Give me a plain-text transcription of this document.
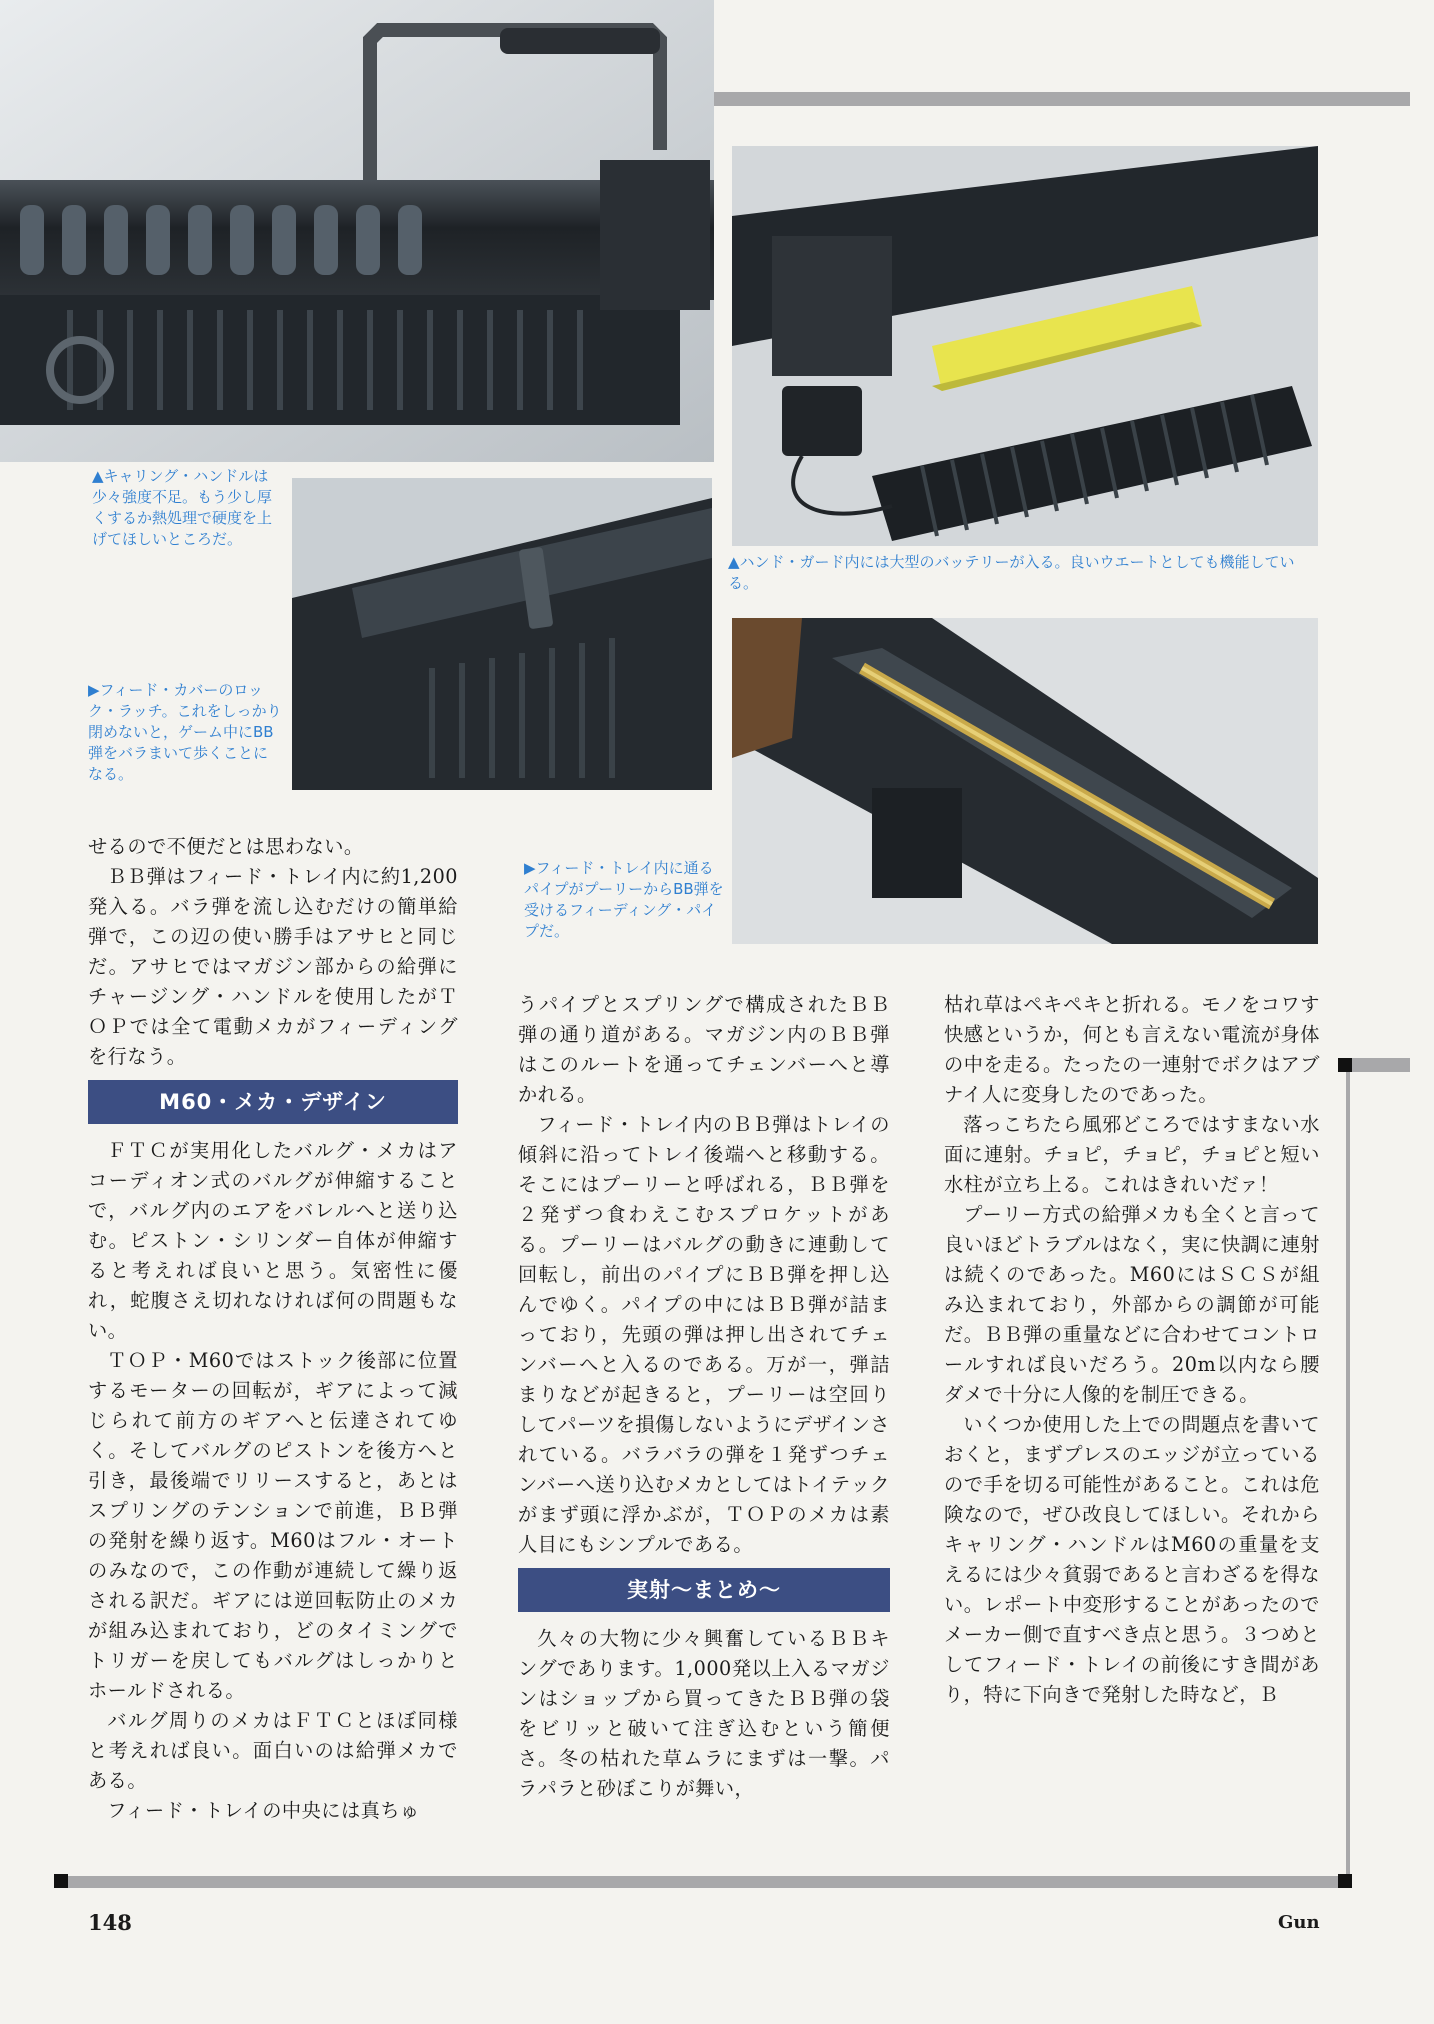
▲キャリング・ハンドルは少々強度不足。もう少し厚くするか熱処理で硬度を上げてほしいところだ。

▲ハンド・ガード内には大型のバッテリーが入る。良いウエートとしても機能している。

▶フィード・カバーのロック・ラッチ。これをしっかり閉めないと，ゲーム中にBB弾をバラまいて歩くことになる。

▶フィード・トレイ内に通るパイプがプーリーからBB弾を受けるフィーディング・パイプだ。

せるので不便だとは思わない。

ＢＢ弾はフィード・トレイ内に約1,200発入る。バラ弾を流し込むだけの簡単給弾で，この辺の使い勝手はアサヒと同じだ。アサヒではマガジン部からの給弾にチャージング・ハンドルを使用したがＴＯＰでは全て電動メカがフィーディングを行なう。

M60・メカ・デザイン

ＦＴＣが実用化したバルグ・メカはアコーディオン式のバルグが伸縮することで，バルグ内のエアをバレルへと送り込む。ピストン・シリンダー自体が伸縮すると考えれば良いと思う。気密性に優れ，蛇腹さえ切れなければ何の問題もない。

ＴＯＰ・M60ではストック後部に位置するモーターの回転が，ギアによって減じられて前方のギアへと伝達されてゆく。そしてバルグのピストンを後方へと引き，最後端でリリースすると，あとはスプリングのテンションで前進，ＢＢ弾の発射を繰り返す。M60はフル・オートのみなので，この作動が連続して繰り返される訳だ。ギアには逆回転防止のメカが組み込まれており，どのタイミングでトリガーを戻してもバルグはしっかりとホールドされる。

バルグ周りのメカはＦＴＣとほぼ同様と考えれば良い。面白いのは給弾メカである。

フィード・トレイの中央には真ちゅ

うパイプとスプリングで構成されたＢＢ弾の通り道がある。マガジン内のＢＢ弾はこのルートを通ってチェンバーへと導かれる。

フィード・トレイ内のＢＢ弾はトレイの傾斜に沿ってトレイ後端へと移動する。そこにはプーリーと呼ばれる，ＢＢ弾を２発ずつ食わえこむスプロケットがある。プーリーはバルグの動きに連動して回転し，前出のパイプにＢＢ弾を押し込んでゆく。パイプの中にはＢＢ弾が詰まっており，先頭の弾は押し出されてチェンバーへと入るのである。万が一，弾詰まりなどが起きると，プーリーは空回りしてパーツを損傷しないようにデザインされている。バラバラの弾を１発ずつチェンバーへ送り込むメカとしてはトイテックがまず頭に浮かぶが，ＴＯＰのメカは素人目にもシンプルである。

実射〜まとめ〜

久々の大物に少々興奮しているＢＢキングであります。1,000発以上入るマガジンはショップから買ってきたＢＢ弾の袋をビリッと破いて注ぎ込むという簡便さ。冬の枯れた草ムラにまずは一撃。パラパラと砂ぼこりが舞い，

枯れ草はペキペキと折れる。モノをコワす快感というか，何とも言えない電流が身体の中を走る。たったの一連射でボクはアブナイ人に変身したのであった。

落っこちたら風邪どころではすまない水面に連射。チョピ，チョピ，チョピと短い水柱が立ち上る。これはきれいだァ！

プーリー方式の給弾メカも全くと言って良いほどトラブルはなく，実に快調に連射は続くのであった。M60にはＳＣＳが組み込まれており，外部からの調節が可能だ。ＢＢ弾の重量などに合わせてコントロールすれば良いだろう。20m以内なら腰ダメで十分に人像的を制圧できる。

いくつか使用した上での問題点を書いておくと，まずプレスのエッジが立っているので手を切る可能性があること。これは危険なので，ぜひ改良してほしい。それからキャリング・ハンドルはM60の重量を支えるには少々貧弱であると言わざるを得ない。レポート中変形することがあったのでメーカー側で直すべき点と思う。３つめとしてフィード・トレイの前後にすき間があり，特に下向きで発射した時など，Ｂ

148	Gun
